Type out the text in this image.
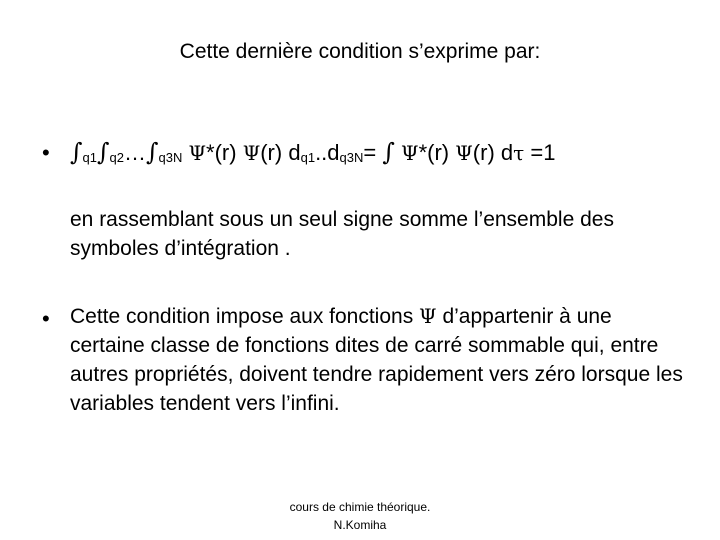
Cette dernière condition s’exprime par:
• $\int_{q1}\int_{q2}\dots\int_{q3N}$ Ψ*(r) Ψ(r) $d_{q1}..d_{q3N}=$ ∫ Ψ*(r) Ψ(r) dτ =1
en rassemblant sous un seul signe somme l’ensemble des symboles d’intégration .
• Cette condition impose aux fonctions Ψ d’appartenir à une certaine classe de fonctions dites de carré sommable qui, entre autres propriétés, doivent tendre rapidement vers zéro lorsque les variables tendent vers l’infini.
cours de chimie théorique.
N.Komiha
